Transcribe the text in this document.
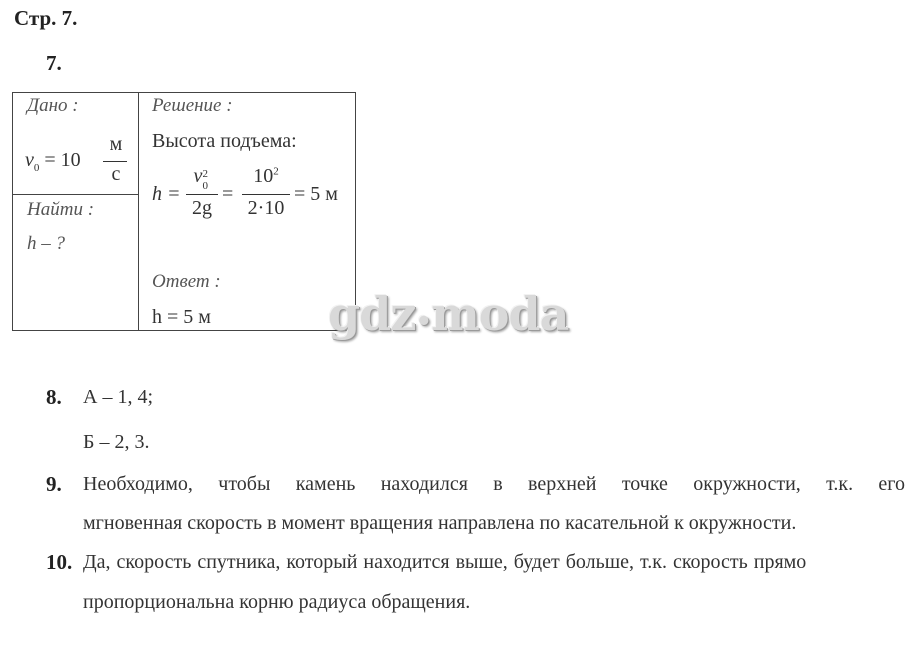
Стр. 7.
7.
Дано :
$v_0 = 10$
м
с
Найти :
h – ?
Решение :
Высота подъема:
h =
v 2
0
2g
=
$10^2$
2·10
= 5 м
Ответ :
h = 5 м	gdz•moda
8. А – 1, 4;
Б – 2, 3.
9. Необходимо, чтобы камень находился в верхней точке окружности, т.к. его
мгновенная скорость в момент вращения направлена по касательной к окружности.
10. Да, скорость спутника, который находится выше, будет больше, т.к. скорость прямо
пропорциональна корню радиуса обращения.
